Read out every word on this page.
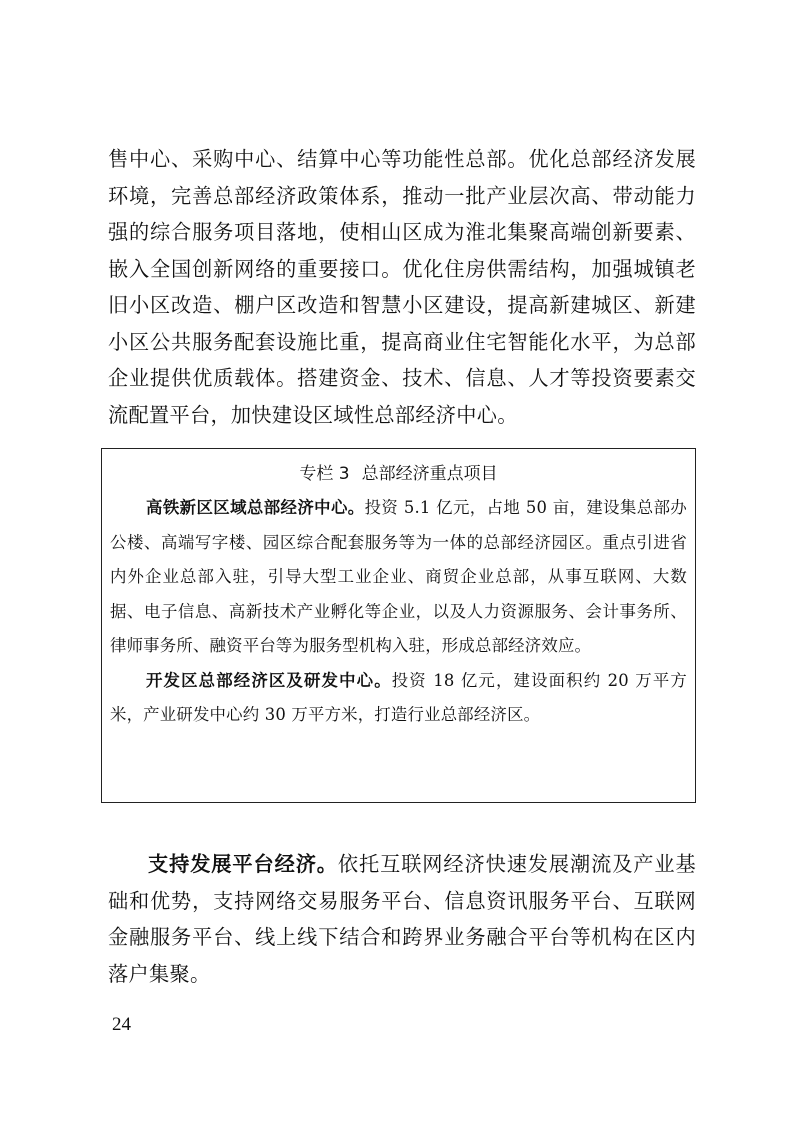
售中心、采购中心、结算中心等功能性总部。优化总部经济发展环境，完善总部经济政策体系，推动一批产业层次高、带动能力强的综合服务项目落地，使相山区成为淮北集聚高端创新要素、嵌入全国创新网络的重要接口。优化住房供需结构，加强城镇老旧小区改造、棚户区改造和智慧小区建设，提高新建城区、新建小区公共服务配套设施比重，提高商业住宅智能化水平，为总部企业提供优质载体。搭建资金、技术、信息、人才等投资要素交流配置平台，加快建设区域性总部经济中心。

专栏 3 总部经济重点项目

高铁新区区域总部经济中心。投资 5.1 亿元，占地 50 亩，建设集总部办公楼、高端写字楼、园区综合配套服务等为一体的总部经济园区。重点引进省内外企业总部入驻，引导大型工业企业、商贸企业总部，从事互联网、大数据、电子信息、高新技术产业孵化等企业，以及人力资源服务、会计事务所、律师事务所、融资平台等为服务型机构入驻，形成总部经济效应。

开发区总部经济区及研发中心。投资 18 亿元，建设面积约 20 万平方米，产业研发中心约 30 万平方米，打造行业总部经济区。

支持发展平台经济。依托互联网经济快速发展潮流及产业基础和优势，支持网络交易服务平台、信息资讯服务平台、互联网金融服务平台、线上线下结合和跨界业务融合平台等机构在区内落户集聚。

24
